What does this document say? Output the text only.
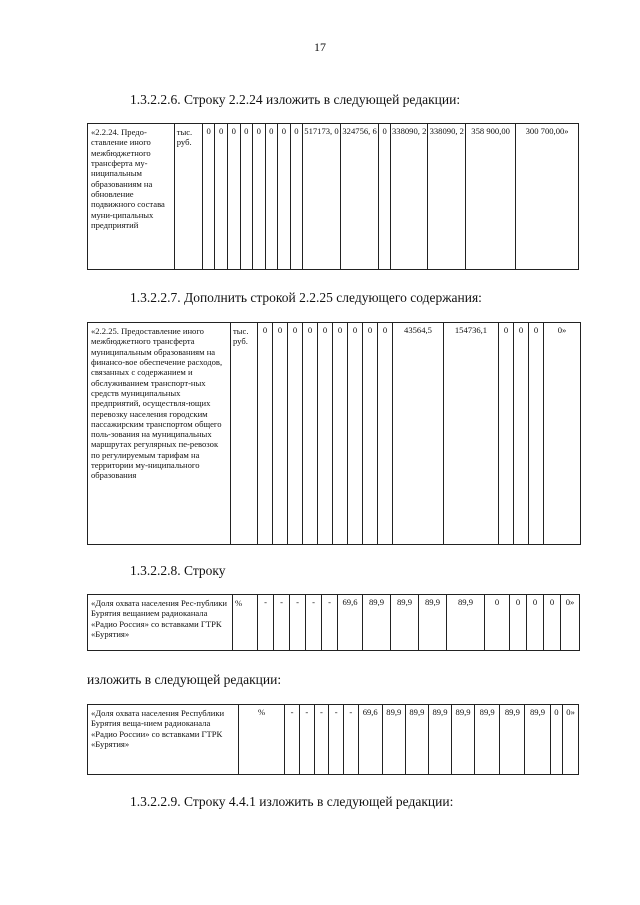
17
1.3.2.2.6. Строку 2.2.24 изложить в следующей редакции:
«2.2.24. Предо-ставление иного межбюджетного трансферта му-ниципальным образованиям на обновление подвижного состава муни-ципальных предприятий	тыс. руб.	0	0	0	0	0	0	0	0	517173, 0	324756, 6	0	338090, 2	338090, 2	358 900,00	300 700,00»
1.3.2.2.7. Дополнить строкой 2.2.25 следующего содержания:
«2.2.25. Предоставление иного межбюджетного трансферта муниципальным образованиям на финансо-вое обеспечение расходов, связанных с содержанием и обслуживанием транспорт-ных средств муниципальных предприятий, осуществля-ющих перевозку населения городским пассажирским транспортом общего поль-зования на муниципальных маршрутах регулярных пе-ревозок по регулируемым тарифам на территории му-ниципального образования	тыс. руб.	0	0	0	0	0	0	0	0	0	43564,5	154736,1	0	0	0	0»
1.3.2.2.8. Строку
«Доля охвата населения Рес-публики Бурятия вещанием радиоканала «Радио Россия» со вставками ГТРК «Бурятия»	%	-	-	-	-	-	69,6	89,9	89,9	89,9	89,9	0	0	0	0	0»
изложить в следующей редакции:
«Доля охвата населения Республики Бурятия веща-нием радиоканала «Радио России» со вставками ГТРК «Бурятия»	%	-	-	-	-	-	69,6	89,9	89,9	89,9	89,9	89,9	89,9	89,9	0	0»
1.3.2.2.9. Строку 4.4.1 изложить в следующей редакции:
